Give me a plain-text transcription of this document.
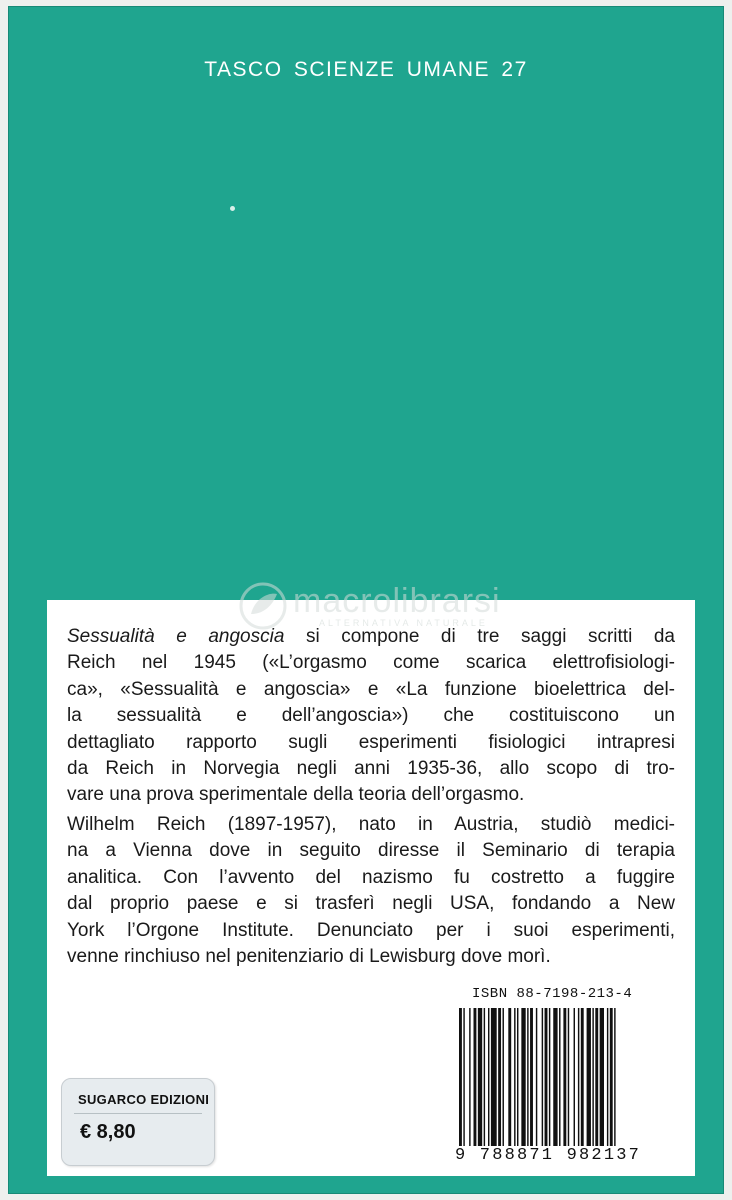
TASCO SCIENZE UMANE 27
macrolibrarsi
ALTERNATIVA NATURALE
Sessualità e angoscia si compone di tre saggi scritti da
Reich nel 1945 («L’orgasmo come scarica elettrofisiologi-
ca», «Sessualità e angoscia» e «La funzione bioelettrica del-
la sessualità e dell’angoscia») che costituiscono un
dettagliato rapporto sugli esperimenti fisiologici intrapresi
da Reich in Norvegia negli anni 1935-36, allo scopo di tro-
vare una prova sperimentale della teoria dell’orgasmo.
Wilhelm Reich (1897-1957), nato in Austria, studiò medici-
na a Vienna dove in seguito diresse il Seminario di terapia
analitica. Con l’avvento del nazismo fu costretto a fuggire
dal proprio paese e si trasferì negli USA, fondando a New
York l’Orgone Institute. Denunciato per i suoi esperimenti,
venne rinchiuso nel penitenziario di Lewisburg dove morì.
ISBN 88-7198-213-4
9 788871 982137
SUGARCO EDIZIONI
€ 8,80
